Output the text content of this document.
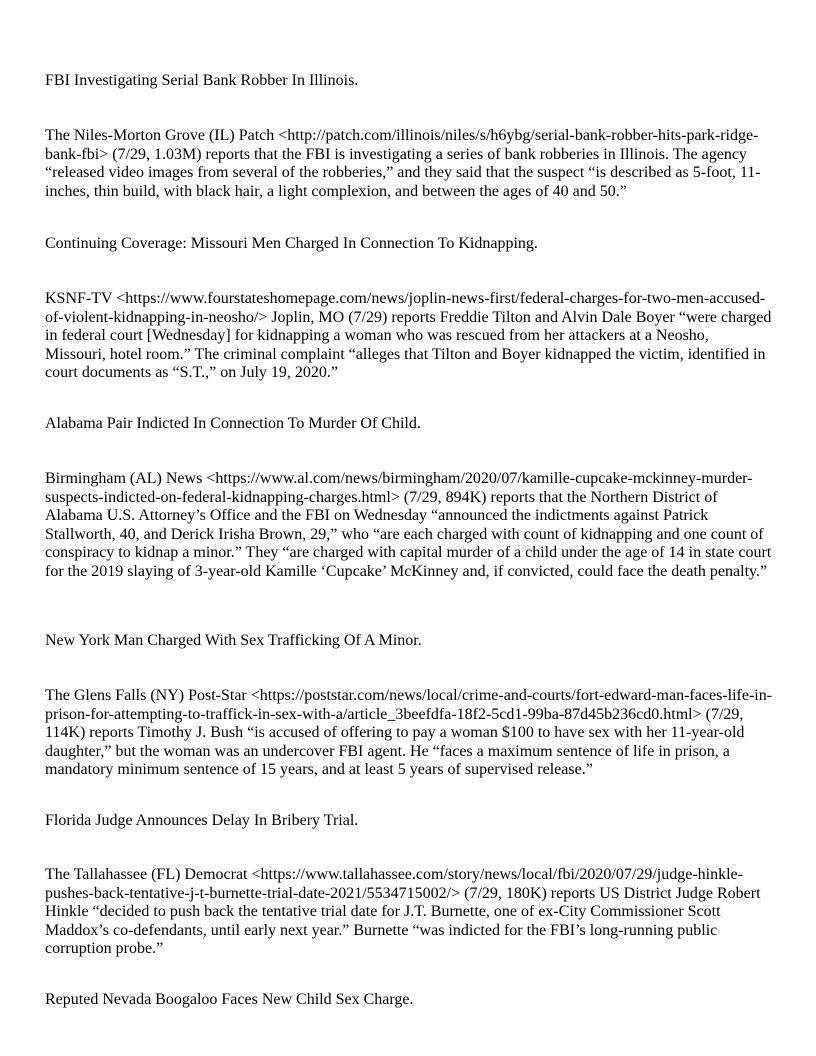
FBI Investigating Serial Bank Robber In Illinois.

The Niles-Morton Grove (IL) Patch <http://patch.com/illinois/niles/s/h6ybg/serial-bank-robber-hits-park-ridge-bank-fbi> (7/29, 1.03M) reports that the FBI is investigating a series of bank robberies in Illinois. The agency “released video images from several of the robberies,” and they said that the suspect “is described as 5-foot, 11-inches, thin build, with black hair, a light complexion, and between the ages of 40 and 50.”

Continuing Coverage: Missouri Men Charged In Connection To Kidnapping.

KSNF-TV <https://www.fourstateshomepage.com/news/joplin-news-first/federal-charges-for-two-men-accused-of-violent-kidnapping-in-neosho/> Joplin, MO (7/29) reports Freddie Tilton and Alvin Dale Boyer “were charged in federal court [Wednesday] for kidnapping a woman who was rescued from her attackers at a Neosho, Missouri, hotel room.” The criminal complaint “alleges that Tilton and Boyer kidnapped the victim, identified in court documents as “S.T.,” on July 19, 2020.”

Alabama Pair Indicted In Connection To Murder Of Child.

Birmingham (AL) News <https://www.al.com/news/birmingham/2020/07/kamille-cupcake-mckinney-murder-suspects-indicted-on-federal-kidnapping-charges.html> (7/29, 894K) reports that the Northern District of Alabama U.S. Attorney’s Office and the FBI on Wednesday “announced the indictments against Patrick Stallworth, 40, and Derick Irisha Brown, 29,” who “are each charged with count of kidnapping and one count of conspiracy to kidnap a minor.” They “are charged with capital murder of a child under the age of 14 in state court for the 2019 slaying of 3-year-old Kamille ‘Cupcake’ McKinney and, if convicted, could face the death penalty.”

New York Man Charged With Sex Trafficking Of A Minor.

The Glens Falls (NY) Post-Star <https://poststar.com/news/local/crime-and-courts/fort-edward-man-faces-life-in-prison-for-attempting-to-traffick-in-sex-with-a/article_3beefdfa-18f2-5cd1-99ba-87d45b236cd0.html> (7/29, 114K) reports Timothy J. Bush “is accused of offering to pay a woman $100 to have sex with her 11-year-old daughter,” but the woman was an undercover FBI agent. He “faces a maximum sentence of life in prison, a mandatory minimum sentence of 15 years, and at least 5 years of supervised release.”

Florida Judge Announces Delay In Bribery Trial.

The Tallahassee (FL) Democrat <https://www.tallahassee.com/story/news/local/fbi/2020/07/29/judge-hinkle-pushes-back-tentative-j-t-burnette-trial-date-2021/5534715002/> (7/29, 180K) reports US District Judge Robert Hinkle “decided to push back the tentative trial date for J.T. Burnette, one of ex-City Commissioner Scott Maddox’s co-defendants, until early next year.” Burnette “was indicted for the FBI’s long-running public corruption probe.”

Reputed Nevada Boogaloo Faces New Child Sex Charge.
